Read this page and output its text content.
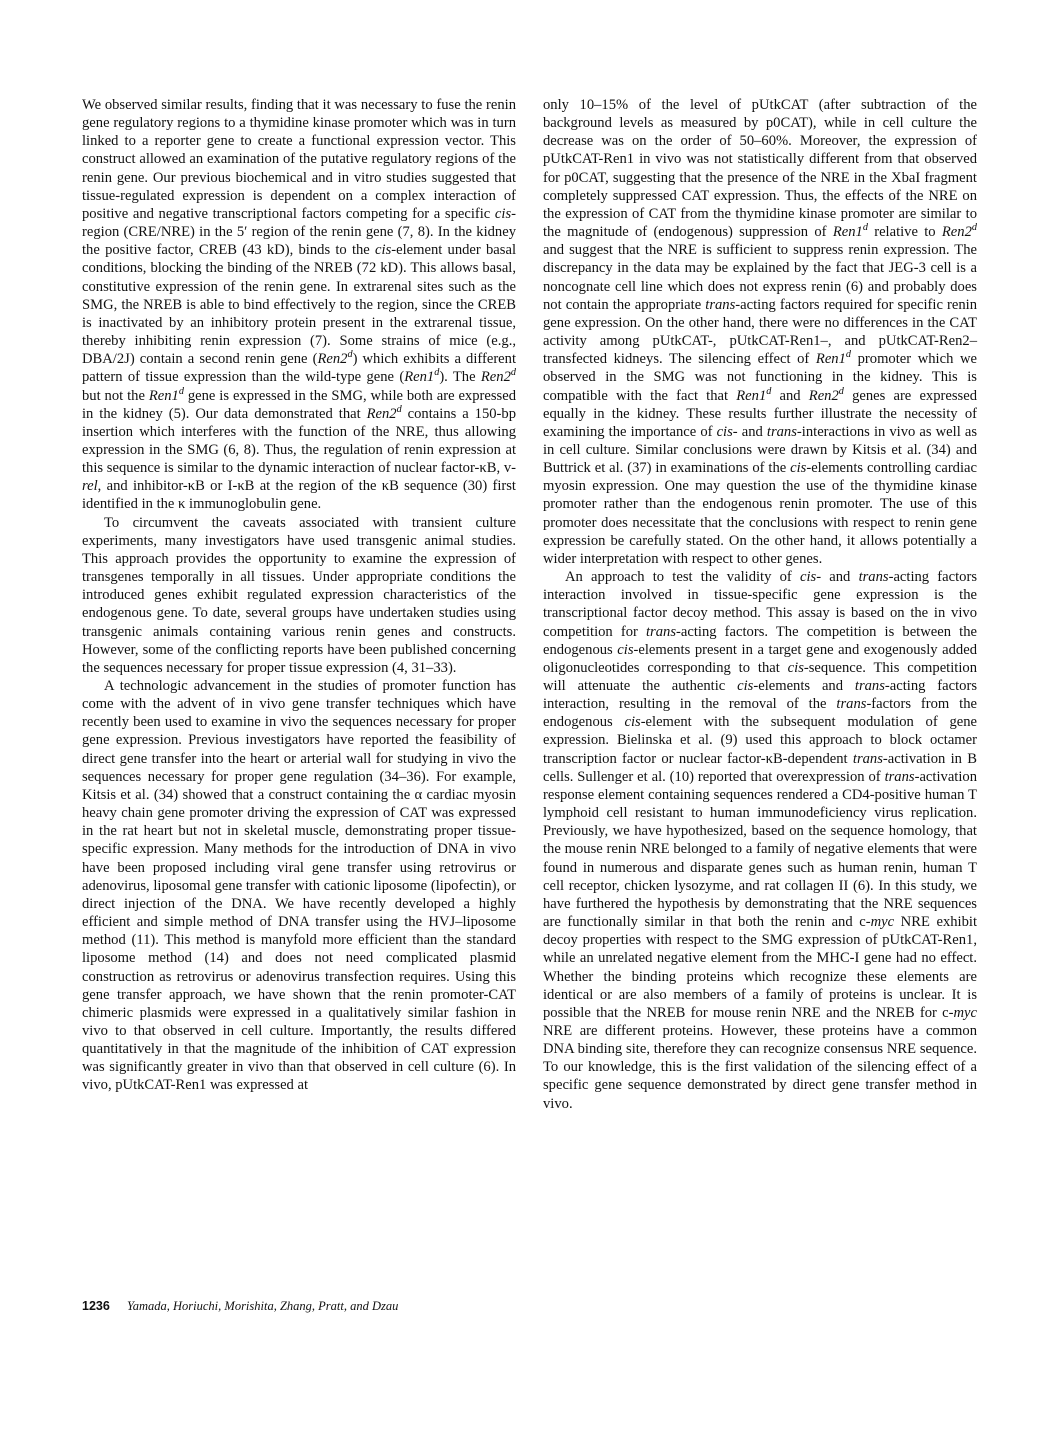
We observed similar results, finding that it was necessary to fuse the renin gene regulatory regions to a thymidine kinase promoter which was in turn linked to a reporter gene to create a functional expression vector. This construct allowed an examination of the putative regulatory regions of the renin gene. Our previous biochemical and in vitro studies suggested that tissue-regulated expression is dependent on a complex interaction of positive and negative transcriptional factors competing for a specific cis-region (CRE/NRE) in the 5′ region of the renin gene (7, 8). In the kidney the positive factor, CREB (43 kD), binds to the cis-element under basal conditions, blocking the binding of the NREB (72 kD). This allows basal, constitutive expression of the renin gene. In extrarenal sites such as the SMG, the NREB is able to bind effectively to the region, since the CREB is inactivated by an inhibitory protein present in the extrarenal tissue, thereby inhibiting renin expression (7). Some strains of mice (e.g., DBA/2J) contain a second renin gene (Ren2$^d$) which exhibits a different pattern of tissue expression than the wild-type gene (Ren1$^d$). The Ren2$^d$ but not the Ren1$^d$ gene is expressed in the SMG, while both are expressed in the kidney (5). Our data demonstrated that Ren2$^d$ contains a 150-bp insertion which interferes with the function of the NRE, thus allowing expression in the SMG (6, 8). Thus, the regulation of renin expression at this sequence is similar to the dynamic interaction of nuclear factor-κB, v-rel, and inhibitor-κB or I-κB at the region of the κB sequence (30) first identified in the κ immunoglobulin gene.

To circumvent the caveats associated with transient culture experiments, many investigators have used transgenic animal studies. This approach provides the opportunity to examine the expression of transgenes temporally in all tissues. Under appropriate conditions the introduced genes exhibit regulated expression characteristics of the endogenous gene. To date, several groups have undertaken studies using transgenic animals containing various renin genes and constructs. However, some of the conflicting reports have been published concerning the sequences necessary for proper tissue expression (4, 31–33).

A technologic advancement in the studies of promoter function has come with the advent of in vivo gene transfer techniques which have recently been used to examine in vivo the sequences necessary for proper gene expression. Previous investigators have reported the feasibility of direct gene transfer into the heart or arterial wall for studying in vivo the sequences necessary for proper gene regulation (34–36). For example, Kitsis et al. (34) showed that a construct containing the α cardiac myosin heavy chain gene promoter driving the expression of CAT was expressed in the rat heart but not in skeletal muscle, demonstrating proper tissue-specific expression. Many methods for the introduction of DNA in vivo have been proposed including viral gene transfer using retrovirus or adenovirus, liposomal gene transfer with cationic liposome (lipofectin), or direct injection of the DNA. We have recently developed a highly efficient and simple method of DNA transfer using the HVJ–liposome method (11). This method is manyfold more efficient than the standard liposome method (14) and does not need complicated plasmid construction as retrovirus or adenovirus transfection requires. Using this gene transfer approach, we have shown that the renin promoter-CAT chimeric plasmids were expressed in a qualitatively similar fashion in vivo to that observed in cell culture. Importantly, the results differed quantitatively in that the magnitude of the inhibition of CAT expression was significantly greater in vivo than that observed in cell culture (6). In vivo, pUtkCAT-Ren1 was expressed at

only 10–15% of the level of pUtkCAT (after subtraction of the background levels as measured by p0CAT), while in cell culture the decrease was on the order of 50–60%. Moreover, the expression of pUtkCAT-Ren1 in vivo was not statistically different from that observed for p0CAT, suggesting that the presence of the NRE in the XbaI fragment completely suppressed CAT expression. Thus, the effects of the NRE on the expression of CAT from the thymidine kinase promoter are similar to the magnitude of (endogenous) suppression of Ren1$^d$ relative to Ren2$^d$ and suggest that the NRE is sufficient to suppress renin expression. The discrepancy in the data may be explained by the fact that JEG-3 cell is a noncognate cell line which does not express renin (6) and probably does not contain the appropriate trans-acting factors required for specific renin gene expression. On the other hand, there were no differences in the CAT activity among pUtkCAT-, pUtkCAT-Ren1–, and pUtkCAT-Ren2–transfected kidneys. The silencing effect of Ren1$^d$ promoter which we observed in the SMG was not functioning in the kidney. This is compatible with the fact that Ren1$^d$ and Ren2$^d$ genes are expressed equally in the kidney. These results further illustrate the necessity of examining the importance of cis- and trans-interactions in vivo as well as in cell culture. Similar conclusions were drawn by Kitsis et al. (34) and Buttrick et al. (37) in examinations of the cis-elements controlling cardiac myosin expression. One may question the use of the thymidine kinase promoter rather than the endogenous renin promoter. The use of this promoter does necessitate that the conclusions with respect to renin gene expression be carefully stated. On the other hand, it allows potentially a wider interpretation with respect to other genes.

An approach to test the validity of cis- and trans-acting factors interaction involved in tissue-specific gene expression is the transcriptional factor decoy method. This assay is based on the in vivo competition for trans-acting factors. The competition is between the endogenous cis-elements present in a target gene and exogenously added oligonucleotides corresponding to that cis-sequence. This competition will attenuate the authentic cis-elements and trans-acting factors interaction, resulting in the removal of the trans-factors from the endogenous cis-element with the subsequent modulation of gene expression. Bielinska et al. (9) used this approach to block octamer transcription factor or nuclear factor-κB-dependent trans-activation in B cells. Sullenger et al. (10) reported that overexpression of trans-activation response element containing sequences rendered a CD4-positive human T lymphoid cell resistant to human immunodeficiency virus replication. Previously, we have hypothesized, based on the sequence homology, that the mouse renin NRE belonged to a family of negative elements that were found in numerous and disparate genes such as human renin, human T cell receptor, chicken lysozyme, and rat collagen II (6). In this study, we have furthered the hypothesis by demonstrating that the NRE sequences are functionally similar in that both the renin and c-myc NRE exhibit decoy properties with respect to the SMG expression of pUtkCAT-Ren1, while an unrelated negative element from the MHC-I gene had no effect. Whether the binding proteins which recognize these elements are identical or are also members of a family of proteins is unclear. It is possible that the NREB for mouse renin NRE and the NREB for c-myc NRE are different proteins. However, these proteins have a common DNA binding site, therefore they can recognize consensus NRE sequence. To our knowledge, this is the first validation of the silencing effect of a specific gene sequence demonstrated by direct gene transfer method in vivo.

1236 Yamada, Horiuchi, Morishita, Zhang, Pratt, and Dzau
